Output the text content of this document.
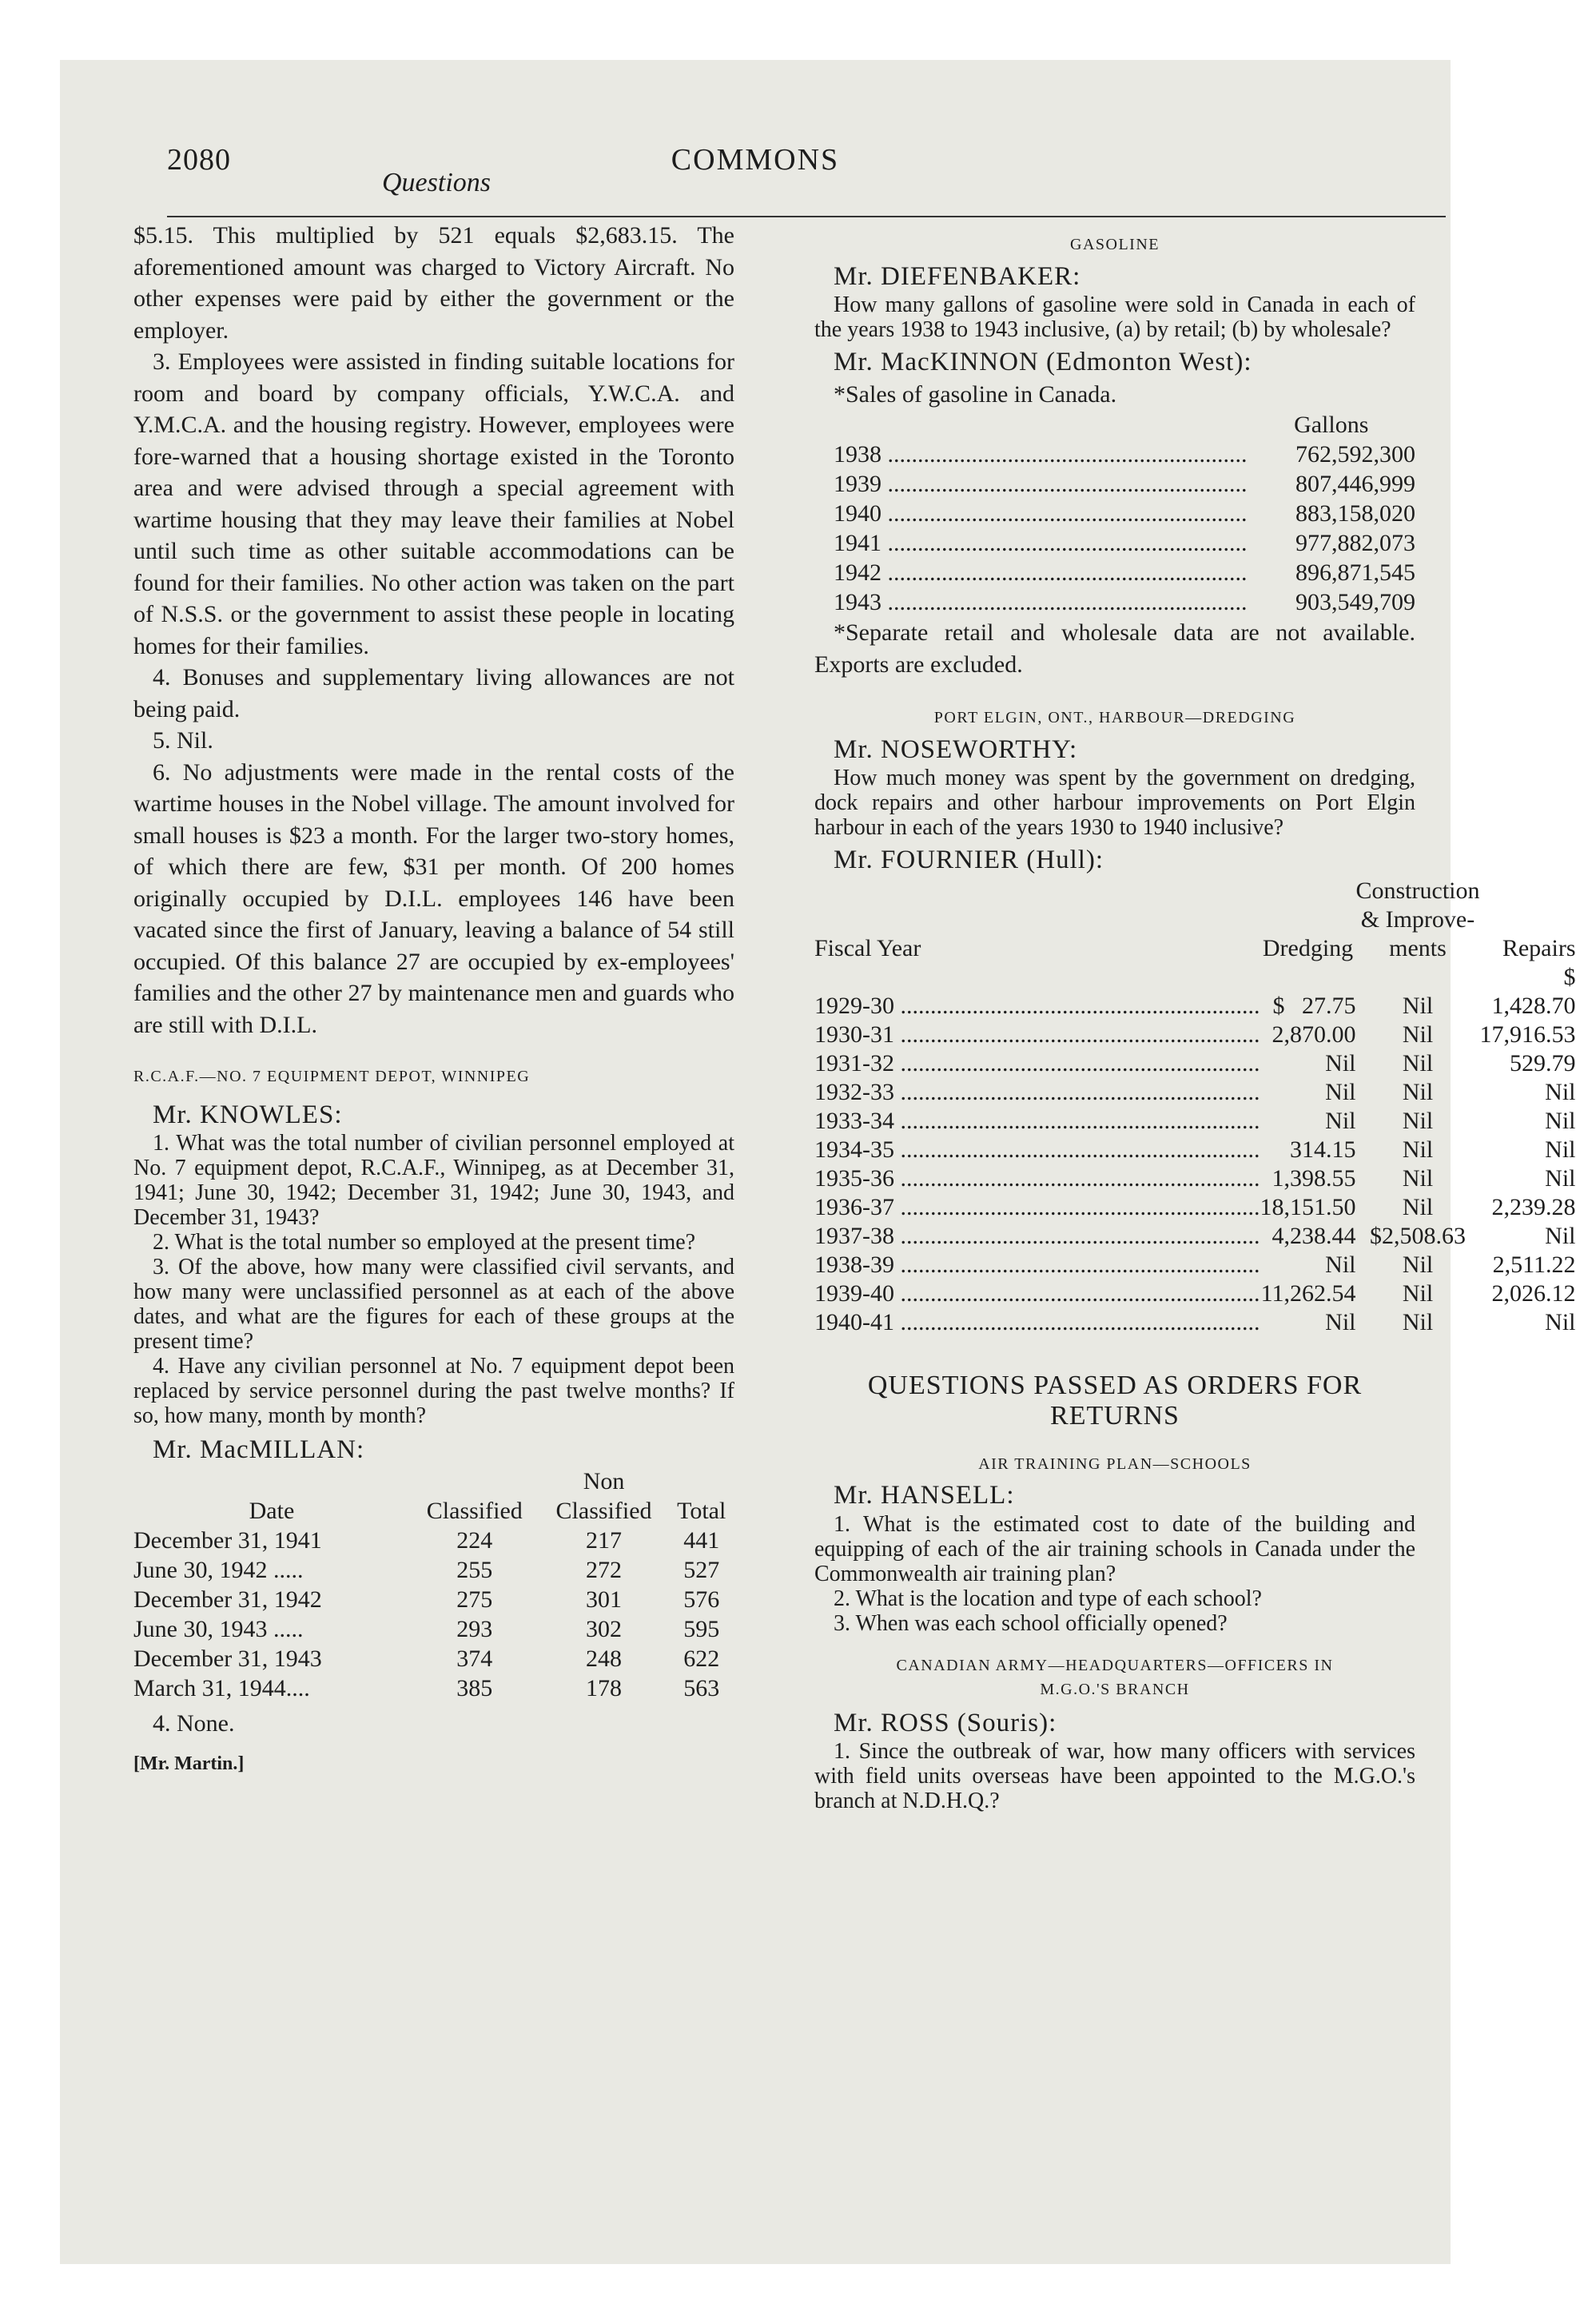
2080	COMMONS
Questions

$5.15. This multiplied by 521 equals $2,683.15. The aforementioned amount was charged to Victory Aircraft. No other expenses were paid by either the government or the employer.

3. Employees were assisted in finding suitable locations for room and board by company officials, Y.W.C.A. and Y.M.C.A. and the housing registry. However, employees were fore-warned that a housing shortage existed in the Toronto area and were advised through a special agreement with wartime housing that they may leave their families at Nobel until such time as other suitable accommodations can be found for their families. No other action was taken on the part of N.S.S. or the government to assist these people in locating homes for their families.

4. Bonuses and supplementary living allowances are not being paid.

5. Nil.

6. No adjustments were made in the rental costs of the wartime houses in the Nobel village. The amount involved for small houses is $23 a month. For the larger two-story homes, of which there are few, $31 per month. Of 200 homes originally occupied by D.I.L. employees 146 have been vacated since the first of January, leaving a balance of 54 still occupied. Of this balance 27 are occupied by ex-employees' families and the other 27 by maintenance men and guards who are still with D.I.L.

R.C.A.F.—NO. 7 EQUIPMENT DEPOT, WINNIPEG

Mr. KNOWLES:

1. What was the total number of civilian personnel employed at No. 7 equipment depot, R.C.A.F., Winnipeg, as at December 31, 1941; June 30, 1942; December 31, 1942; June 30, 1943, and December 31, 1943?

2. What is the total number so employed at the present time?

3. Of the above, how many were classified civil servants, and how many were unclassified personnel as at each of the above dates, and what are the figures for each of these groups at the present time?

4. Have any civilian personnel at No. 7 equipment depot been replaced by service personnel during the past twelve months? If so, how many, month by month?

Mr. MacMILLAN:

		Non	
Date	Classified	Classified	Total
December 31, 1941	224	217	441
June 30, 1942 .....	255	272	527
December 31, 1942	275	301	576
June 30, 1943 .....	293	302	595
December 31, 1943	374	248	622
March 31, 1944....	385	178	563

4. None.

[Mr. Martin.]

GASOLINE

Mr. DIEFENBAKER:

How many gallons of gasoline were sold in Canada in each of the years 1938 to 1943 inclusive, (a) by retail; (b) by wholesale?

Mr. MacKINNON (Edmonton West):

*Sales of gasoline in Canada.

	Gallons

1938 .....	762,592,300

1939 .....	807,446,999

1940 .....	883,158,020

1941 .....	977,882,073

1942 .....	896,871,545

1943 .....	903,549,709

*Separate retail and wholesale data are not available. Exports are excluded.

PORT ELGIN, ONT., HARBOUR—DREDGING

Mr. NOSEWORTHY:

How much money was spent by the government on dredging, dock repairs and other harbour improvements on Port Elgin harbour in each of the years 1930 to 1940 inclusive?

Mr. FOURNIER (Hull):

		Construction	
		& Improve-	
Fiscal Year	Dredging	ments	Repairs

1929-30 .....	$ 27.75	Nil	$ 1,428.70

1930-31 .....	2,870.00	Nil	17,916.53

1931-32 .....	Nil	Nil	529.79

1932-33 .....	Nil	Nil	Nil

1933-34 .....	Nil	Nil	Nil

1934-35 .....	314.15	Nil	Nil

1935-36 .....	1,398.55	Nil	Nil

1936-37 .....	18,151.50	Nil	2,239.28

1937-38 .....	4,238.44	$2,508.63	Nil

1938-39 .....	Nil	Nil	2,511.22

1939-40 .....	11,262.54	Nil	2,026.12

1940-41 .....	Nil	Nil	Nil

QUESTIONS PASSED AS ORDERS FOR RETURNS

AIR TRAINING PLAN—SCHOOLS

Mr. HANSELL:

1. What is the estimated cost to date of the building and equipping of each of the air training schools in Canada under the Commonwealth air training plan?

2. What is the location and type of each school?

3. When was each school officially opened?

CANADIAN ARMY—HEADQUARTERS—OFFICERS IN

M.G.O.'S BRANCH

Mr. ROSS (Souris):

1. Since the outbreak of war, how many officers with services with field units overseas have been appointed to the M.G.O.'s branch at N.D.H.Q.?
